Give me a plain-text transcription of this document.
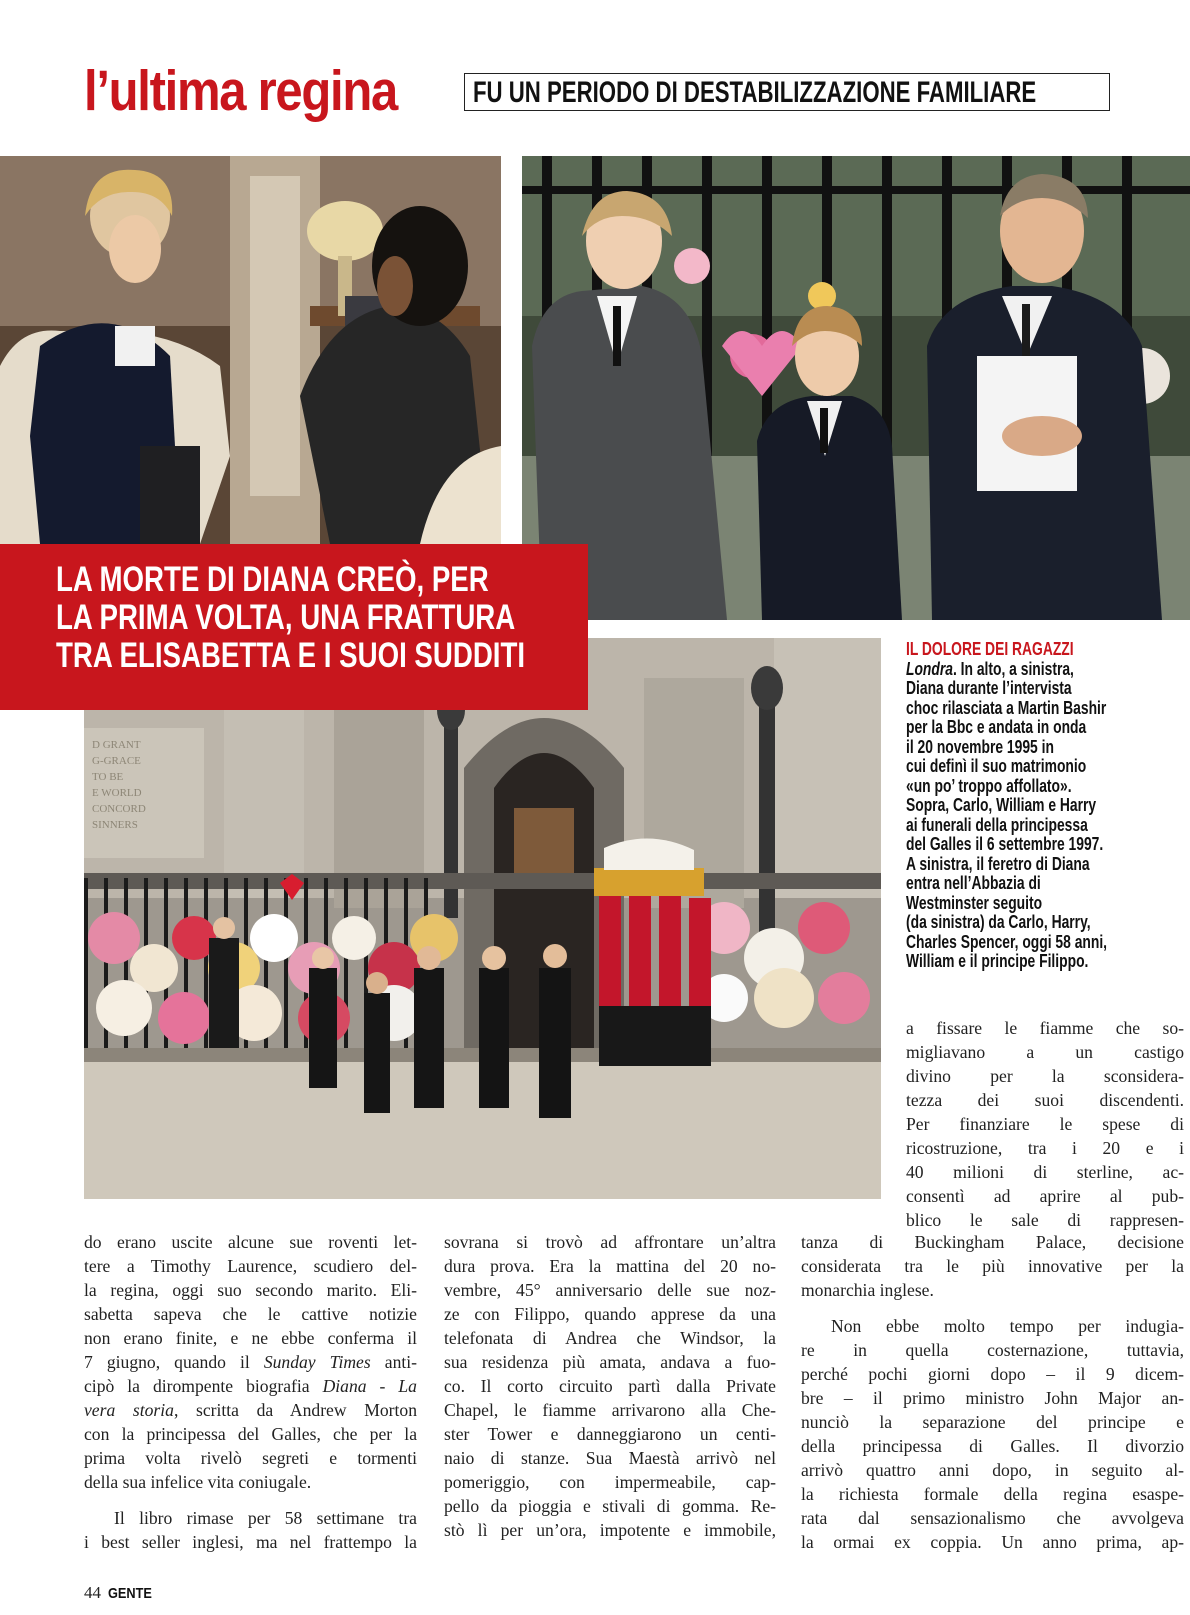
l’ultima regina	FU UN PERIODO DI DESTABILIZZAZIONE FAMILIARE
D GRANT
G-GRACE
TO BE
E WORLD
CONCORD
SINNERS

LA MORTE DI DIANA CREÒ, PER

LA PRIMA VOLTA, UNA FRATTURA

TRA ELISABETTA E I SUOI SUDDITI	IL DOLORE DEI RAGAZZI

Londra. In alto, a sinistra,

Diana durante l’intervista

choc rilasciata a Martin Bashir

per la Bbc e andata in onda

il 20 novembre 1995 in

cui definì il suo matrimonio

«un po’ troppo affollato».

Sopra, Carlo, William e Harry

ai funerali della principessa

del Galles il 6 settembre 1997.

A sinistra, il feretro di Diana

entra nell’Abbazia di

Westminster seguito

(da sinistra) da Carlo, Harry,

Charles Spencer, oggi 58 anni,

William e il principe Filippo.

a fissare le fiamme che so-
migliavano a un castigo
divino per la sconsidera-
tezza dei suoi discendenti.
Per finanziare le spese di
ricostruzione, tra i 20 e i
40 milioni di sterline, ac-
consentì ad aprire al pub-
blico le sale di rappresen-
do erano uscite alcune sue roventi let-
tere a Timothy Laurence, scudiero del-
la regina, oggi suo secondo marito. Eli-
sabetta sapeva che le cattive notizie
non erano finite, e ne ebbe conferma il
7 giugno, quando il Sunday Times anti-
cipò la dirompente biografia Diana - La
vera storia, scritta da Andrew Morton
con la principessa del Galles, che per la
prima volta rivelò segreti e tormenti
della sua infelice vita coniugale.
Il libro rimase per 58 settimane tra
i best seller inglesi, ma nel frattempo la
sovrana si trovò ad affrontare un’altra
dura prova. Era la mattina del 20 no-
vembre, 45° anniversario delle sue noz-
ze con Filippo, quando apprese da una
telefonata di Andrea che Windsor, la
sua residenza più amata, andava a fuo-
co. Il corto circuito partì dalla Private
Chapel, le fiamme arrivarono alla Che-
ster Tower e danneggiarono un centi-
naio di stanze. Sua Maestà arrivò nel
pomeriggio, con impermeabile, cap-
pello da pioggia e stivali di gomma. Re-
stò lì per un’ora, impotente e immobile,
tanza di Buckingham Palace, decisione
considerata tra le più innovative per la
monarchia inglese.
Non ebbe molto tempo per indugia-
re in quella costernazione, tuttavia,
perché pochi giorni dopo – il 9 dicem-
bre – il primo ministro John Major an-
nunciò la separazione del principe e
della principessa di Galles. Il divorzio
arrivò quattro anni dopo, in seguito al-
la richiesta formale della regina esaspe-
rata dal sensazionalismo che avvolgeva
la ormai ex coppia. Un anno prima, ap-
44 GENTE
